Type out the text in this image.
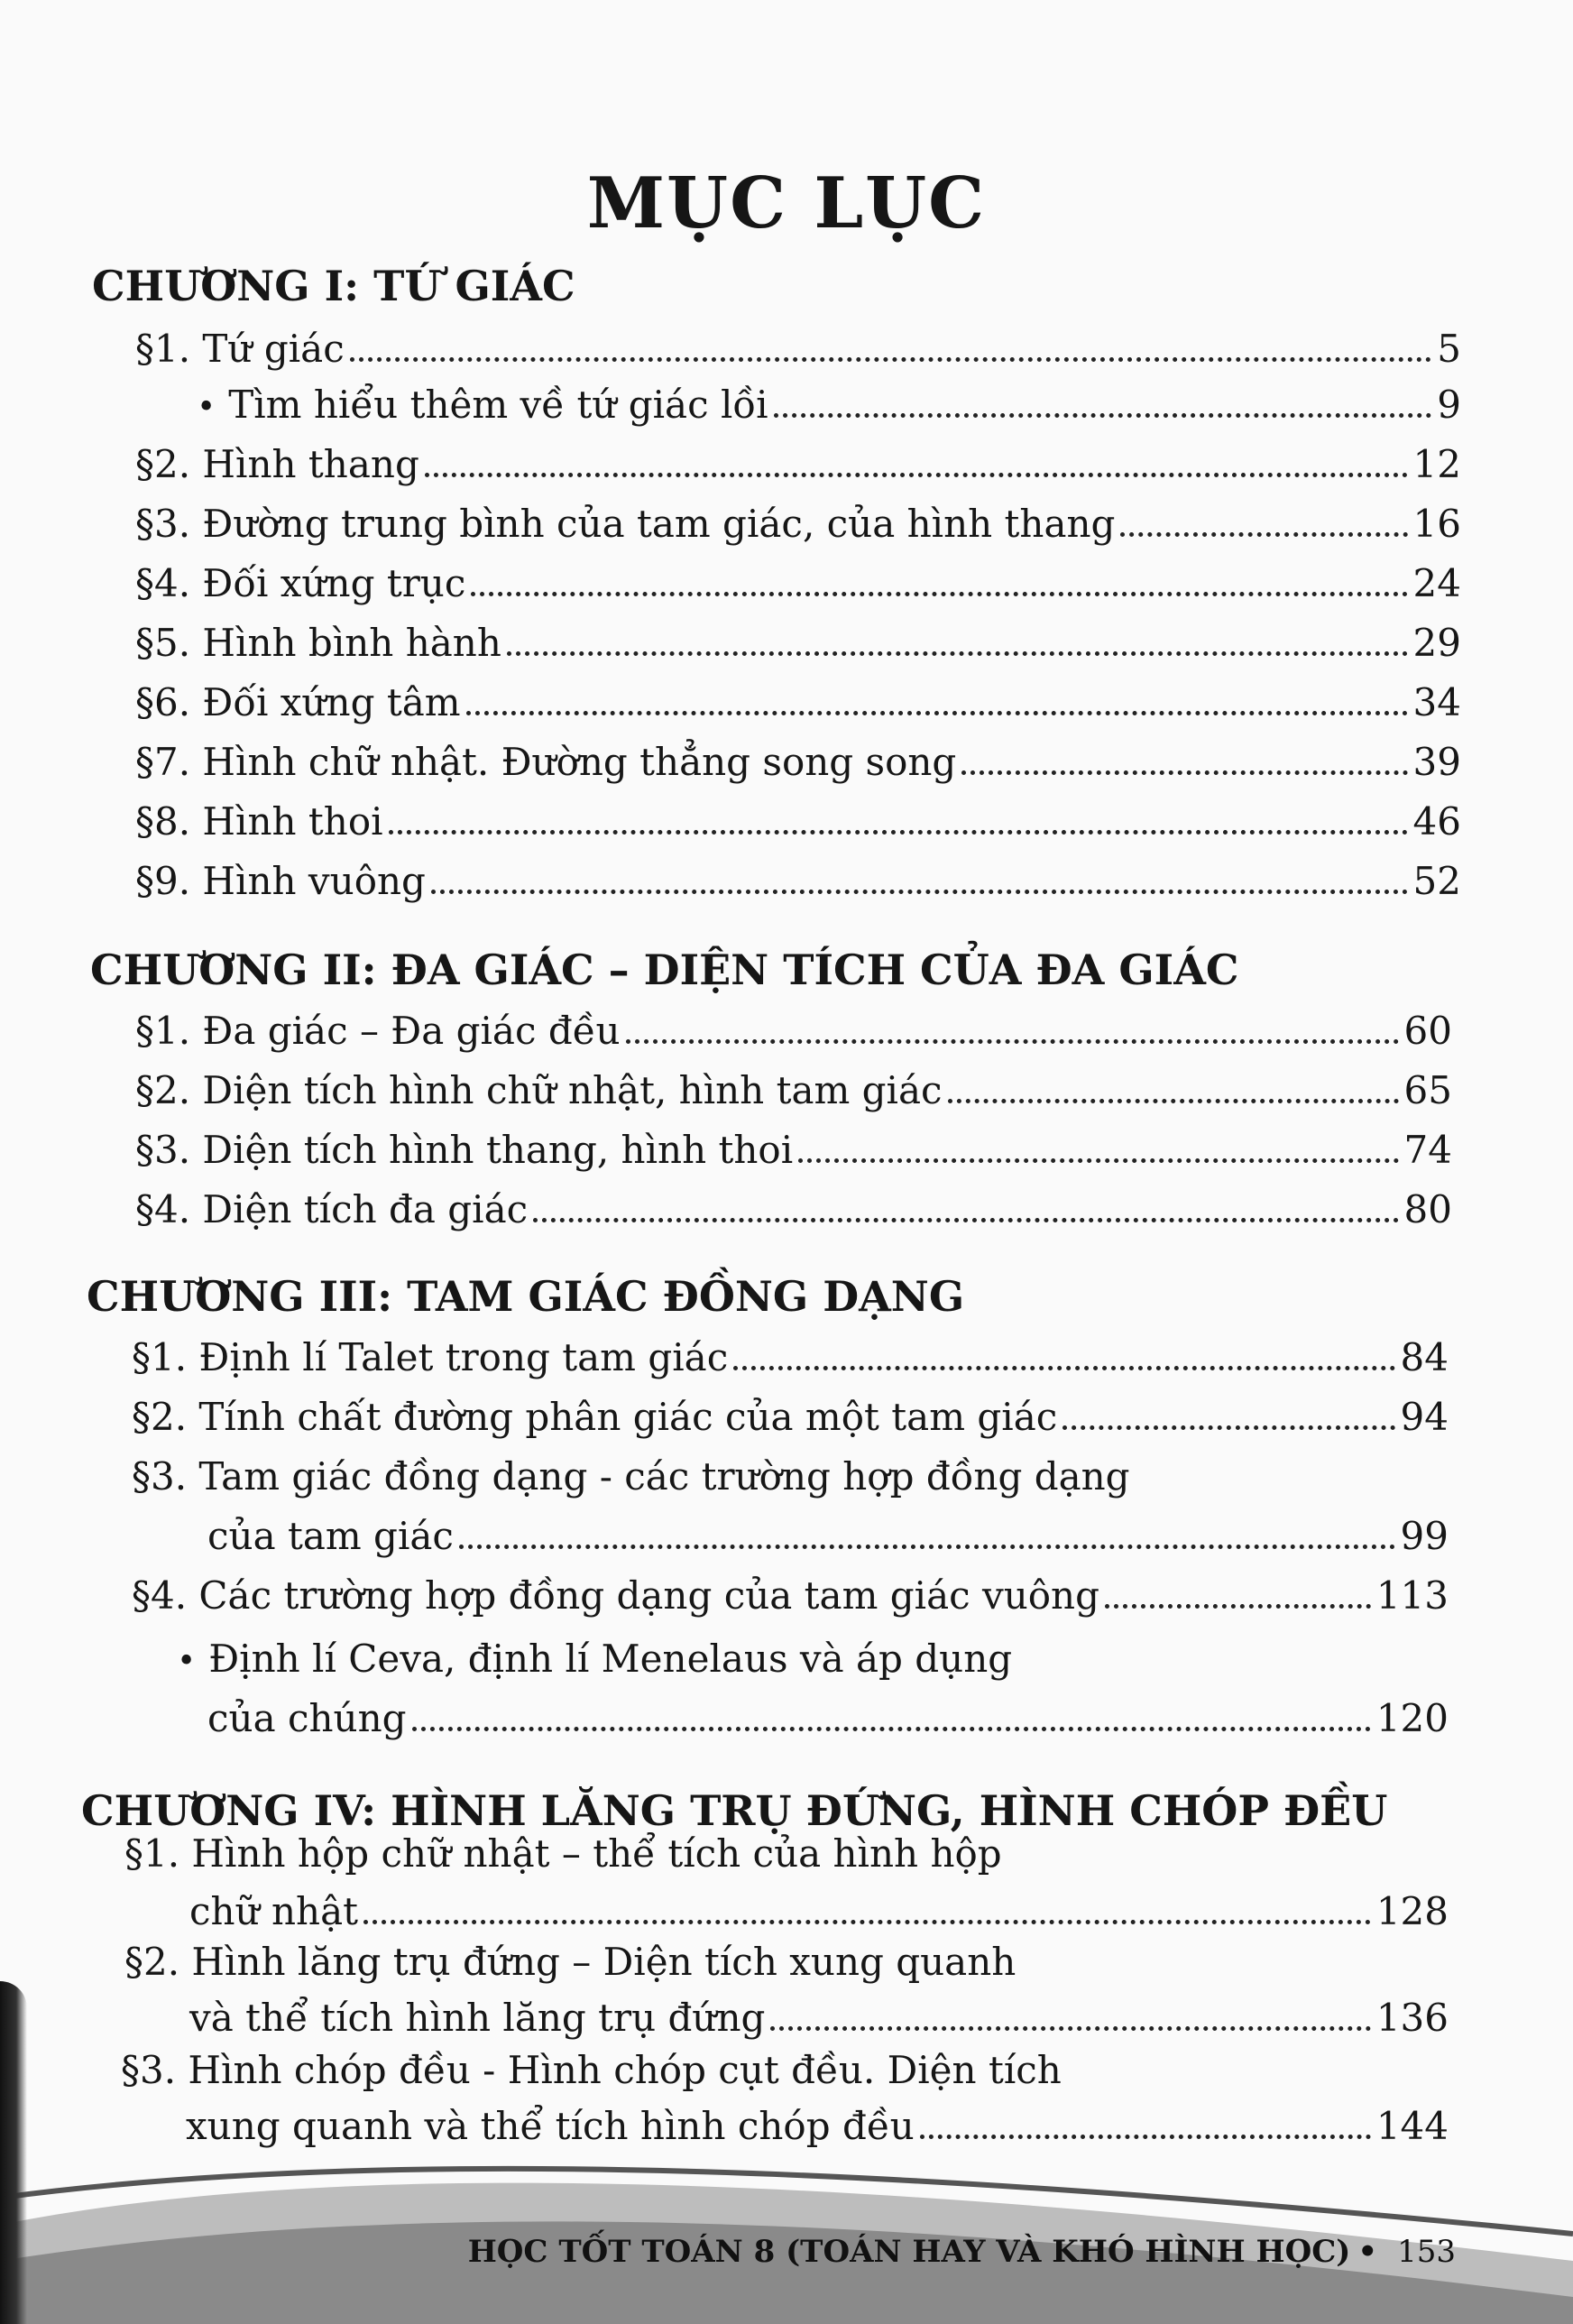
MỤC LỤC
CHƯƠNG I: TỨ GIÁC
§1. Tứ giác	5
• Tìm hiểu thêm về tứ giác lồi	9
§2. Hình thang	12
§3. Đường trung bình của tam giác, của hình thang	16
§4. Đối xứng trục	24
§5. Hình bình hành	29
§6. Đối xứng tâm	34
§7. Hình chữ nhật. Đường thẳng song song	39
§8. Hình thoi	46
§9. Hình vuông	52
CHƯƠNG II: ĐA GIÁC – DIỆN TÍCH CỦA ĐA GIÁC
§1. Đa giác – Đa giác đều	60
§2. Diện tích hình chữ nhật, hình tam giác	65
§3. Diện tích hình thang, hình thoi	74
§4. Diện tích đa giác	80
CHƯƠNG III: TAM GIÁC ĐỒNG DẠNG
§1. Định lí Talet trong tam giác	84
§2. Tính chất đường phân giác của một tam giác	94
§3. Tam giác đồng dạng - các trường hợp đồng dạng
của tam giác	99
§4. Các trường hợp đồng dạng của tam giác vuông	113
• Định lí Ceva, định lí Menelaus và áp dụng
của chúng	120
CHƯƠNG IV: HÌNH LĂNG TRỤ ĐỨNG, HÌNH CHÓP ĐỀU
§1. Hình hộp chữ nhật – thể tích của hình hộp
chữ nhật	128
§2. Hình lăng trụ đứng – Diện tích xung quanh
và thể tích hình lăng trụ đứng	136
§3. Hình chóp đều - Hình chóp cụt đều. Diện tích
xung quanh và thể tích hình chóp đều	144
HỌC TỐT TOÁN 8 (TOÁN HAY VÀ KHÓ HÌNH HỌC) • 153
